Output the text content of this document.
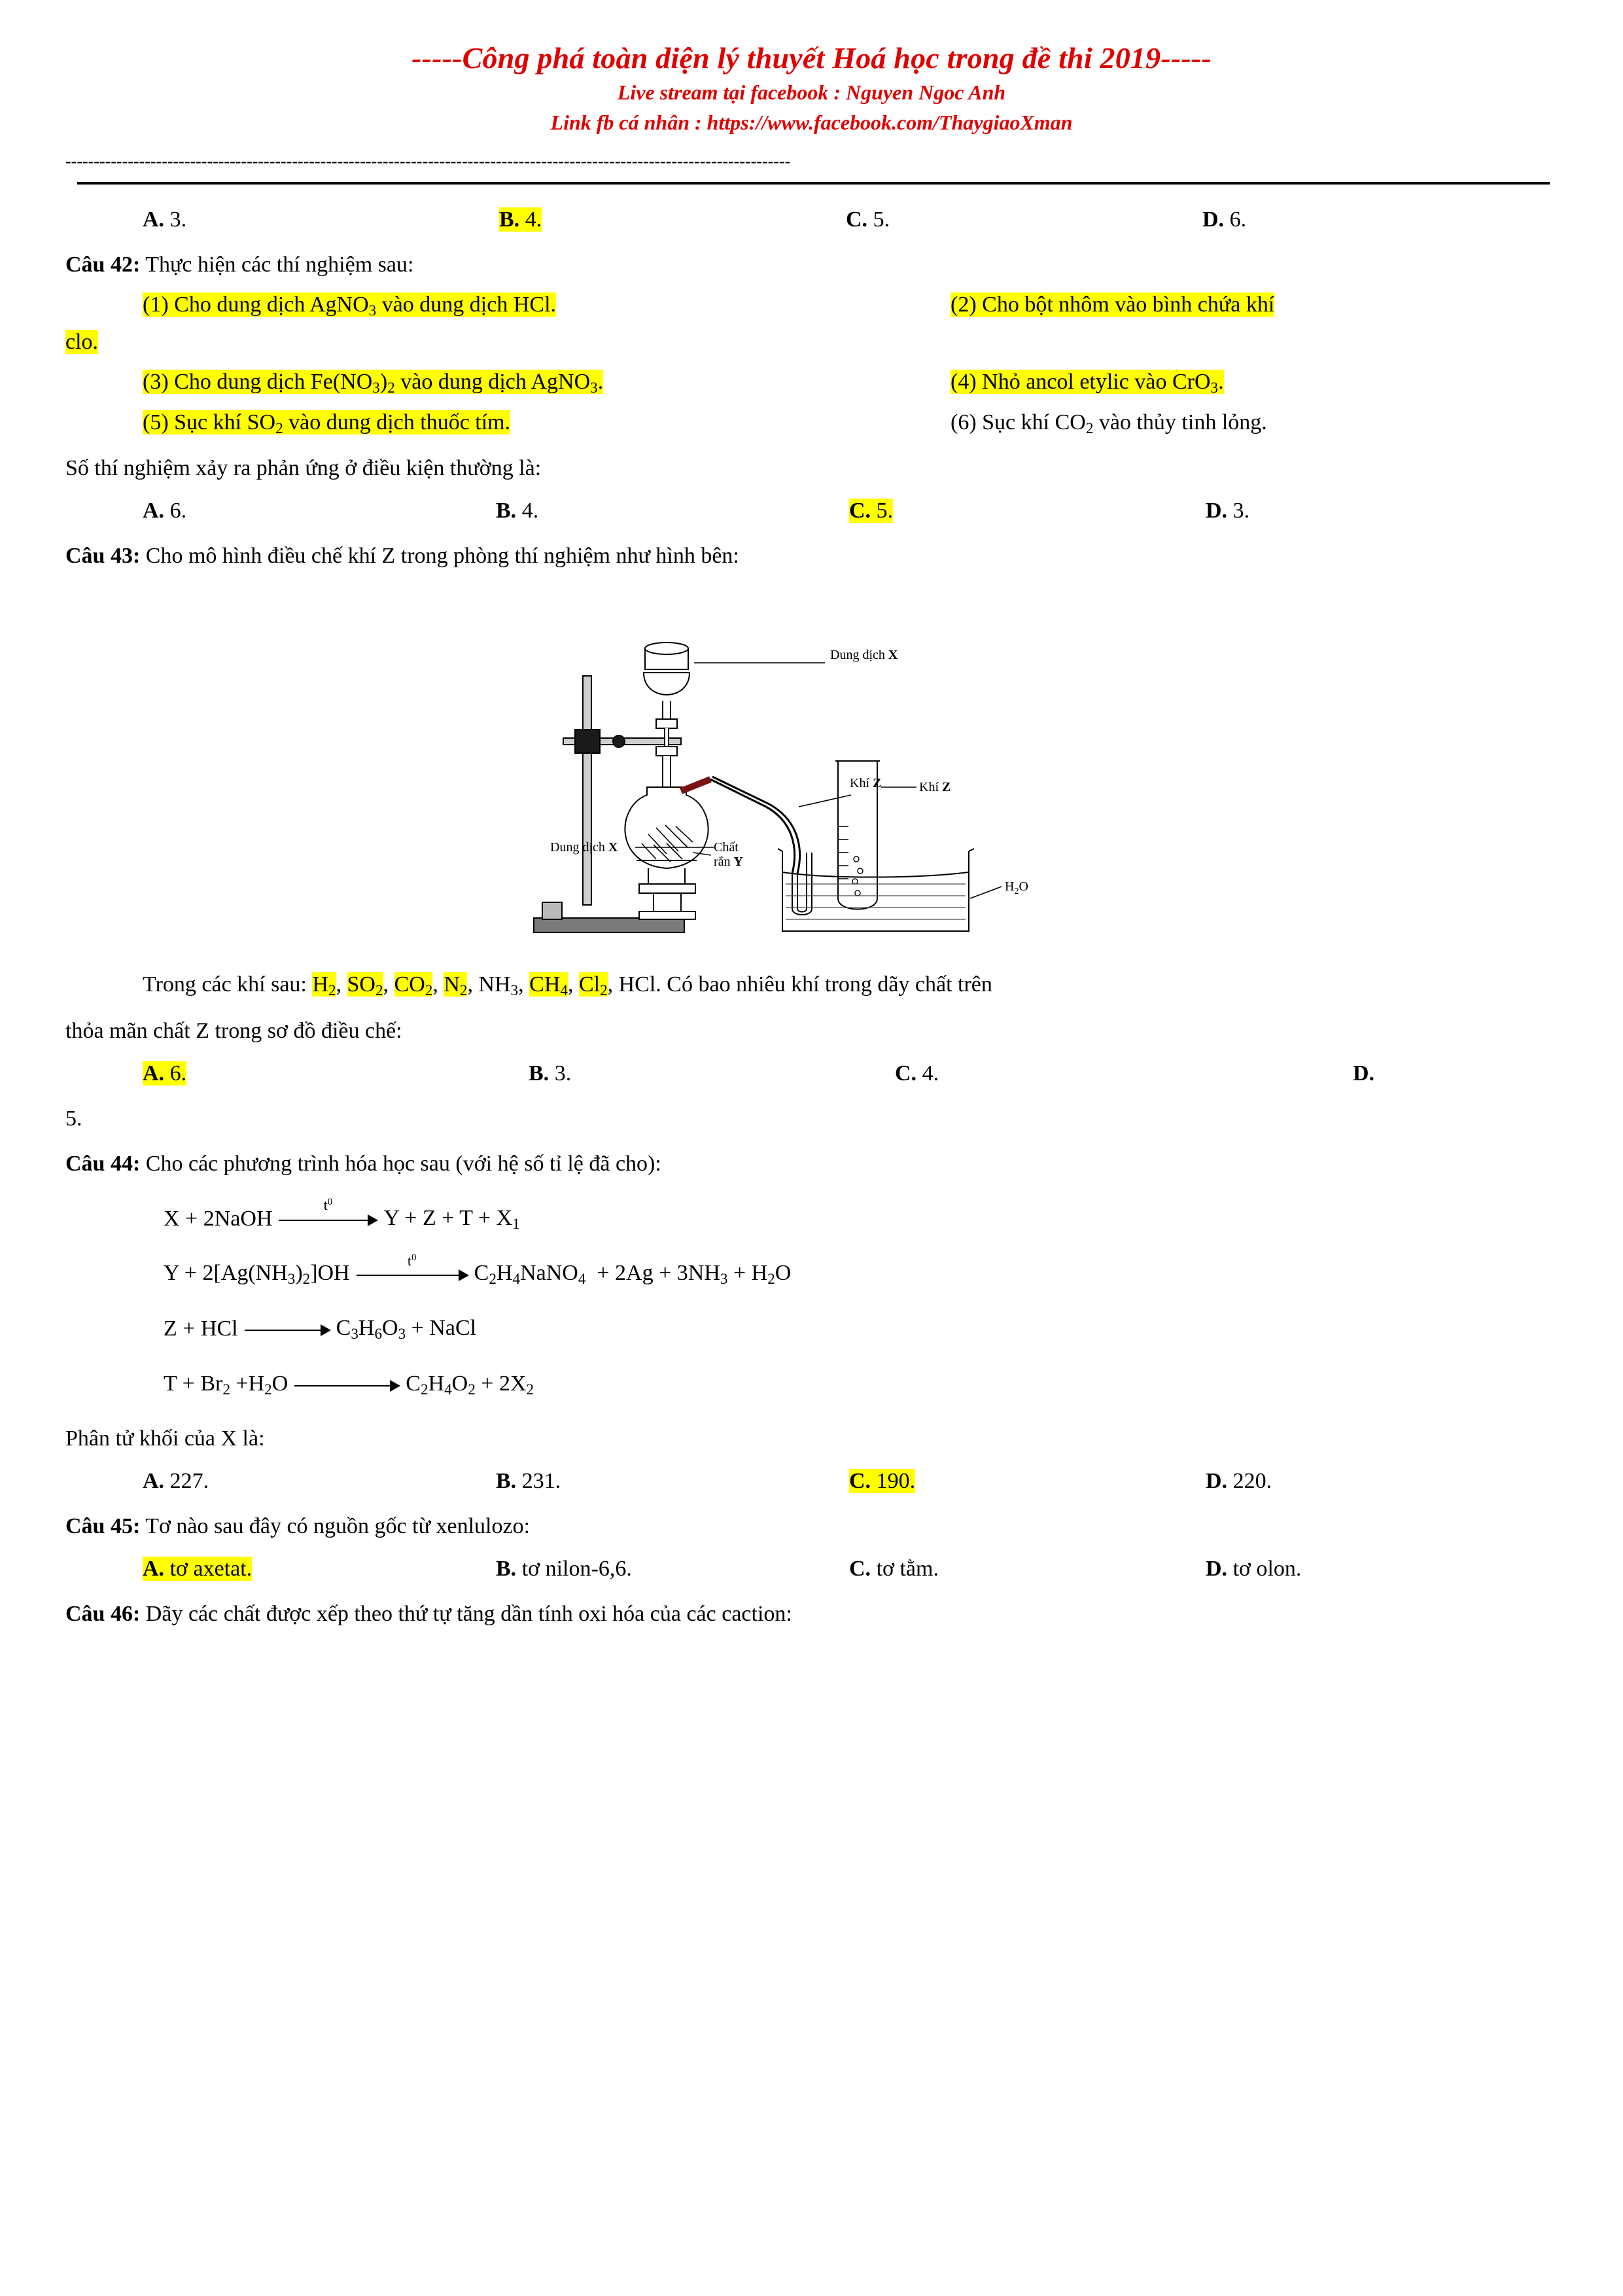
-----Công phá toàn diện lý thuyết Hoá học trong đề thi 2019-----
Live stream tại facebook : Nguyen Ngoc Anh
Link fb cá nhân : https://www.facebook.com/ThaygiaoXman
--------------------------------------------------------------------------------------------------------------------------------
A. 3.	B. 4.	C. 5.	D. 6.
Câu 42: Thực hiện các thí nghiệm sau:
(1) Cho dung dịch AgNO$_3$ vào dung dịch HCl.	(2) Cho bột nhôm vào bình chứa khí
clo.
(3) Cho dung dịch $Fe(NO_3)_2$ vào dung dịch AgNO$_3$.	(4) Nhỏ ancol etylic vào CrO$_3$.
(5) Sục khí $SO_2$ vào dung dịch thuốc tím.	(6) Sục khí $CO_2$ vào thủy tinh lỏng.
Số thí nghiệm xảy ra phản ứng ở điều kiện thường là:
A. 6.	B. 4.	C. 5.	D. 3.
Câu 43: Cho mô hình điều chế khí Z trong phòng thí nghiệm như hình bên:
Dung dịch X
Khí Z	Khí Z
Dung dịch X	Chất
rắn Y
$H_2O$
Trong các khí sau: $H_2$, $SO_2$, $CO_2$, $N_2$, $NH_3$, $CH_4$, $Cl_2$, HCl. Có bao nhiêu khí trong dãy chất trên
thỏa mãn chất Z trong sơ đồ điều chế:
A. 6.	B. 3.	C. 4.	D.
5.
Câu 44: Cho các phương trình hóa học sau (với hệ số tỉ lệ đã cho):
X + 2NaOH
$t^0$
$Y + Z + T + X_1$
$Y + 2[Ag(NH_3)_2]OH$
$t^0$
$C_2H_4NaNO_4 + 2Ag + 3NH_3 + H_2O$
Z + HCl	$C_3H_6O_3$ + NaCl
$T + Br_2 +H_2O$	$C_2H_4O_2 + 2X_2$
Phân tử khối của X là:
A. 227.	B. 231.	C. 190.	D. 220.
Câu 45: Tơ nào sau đây có nguồn gốc từ xenlulozo:
A. tơ axetat.	B. tơ nilon-6,6.	C. tơ tằm.	D. tơ olon.
Câu 46: Dãy các chất được xếp theo thứ tự tăng dần tính oxi hóa của các caction:
